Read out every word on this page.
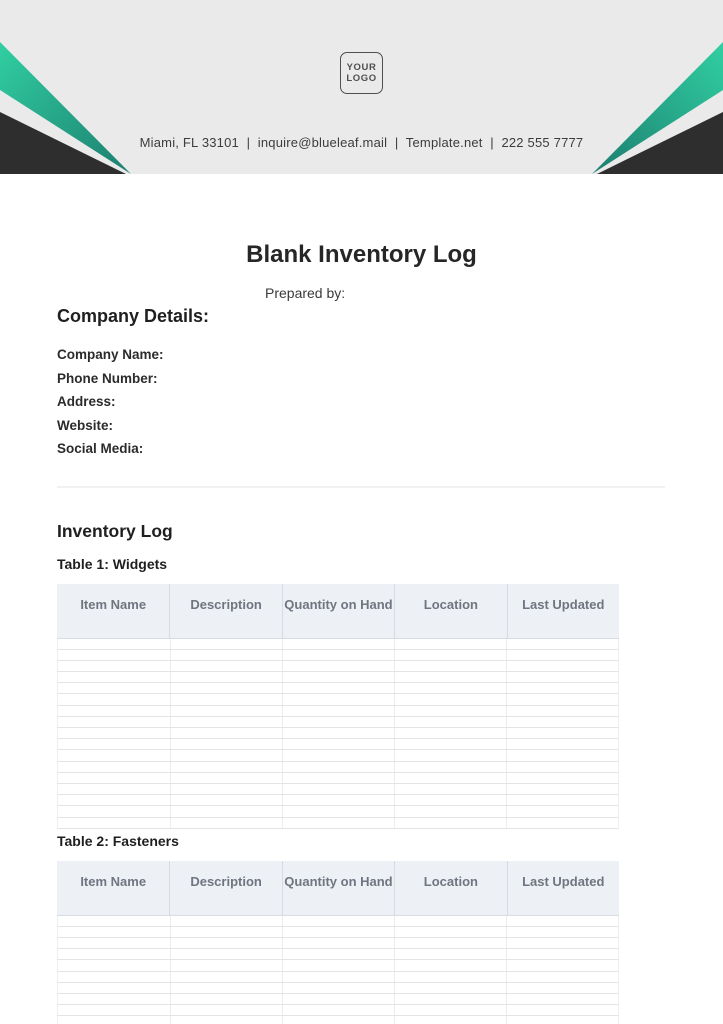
YOUR
LOGO
Miami, FL 33101  |  inquire@blueleaf.mail  |  Template.net  |  222 555 7777
Blank Inventory Log
Prepared by:
Company Details:
Company Name:
Phone Number:
Address:
Website:
Social Media:
Inventory Log
Table 1: Widgets
Item Name	Description	Quantity on Hand	Location	Last Updated
Table 2: Fasteners
Item Name	Description	Quantity on Hand	Location	Last Updated
